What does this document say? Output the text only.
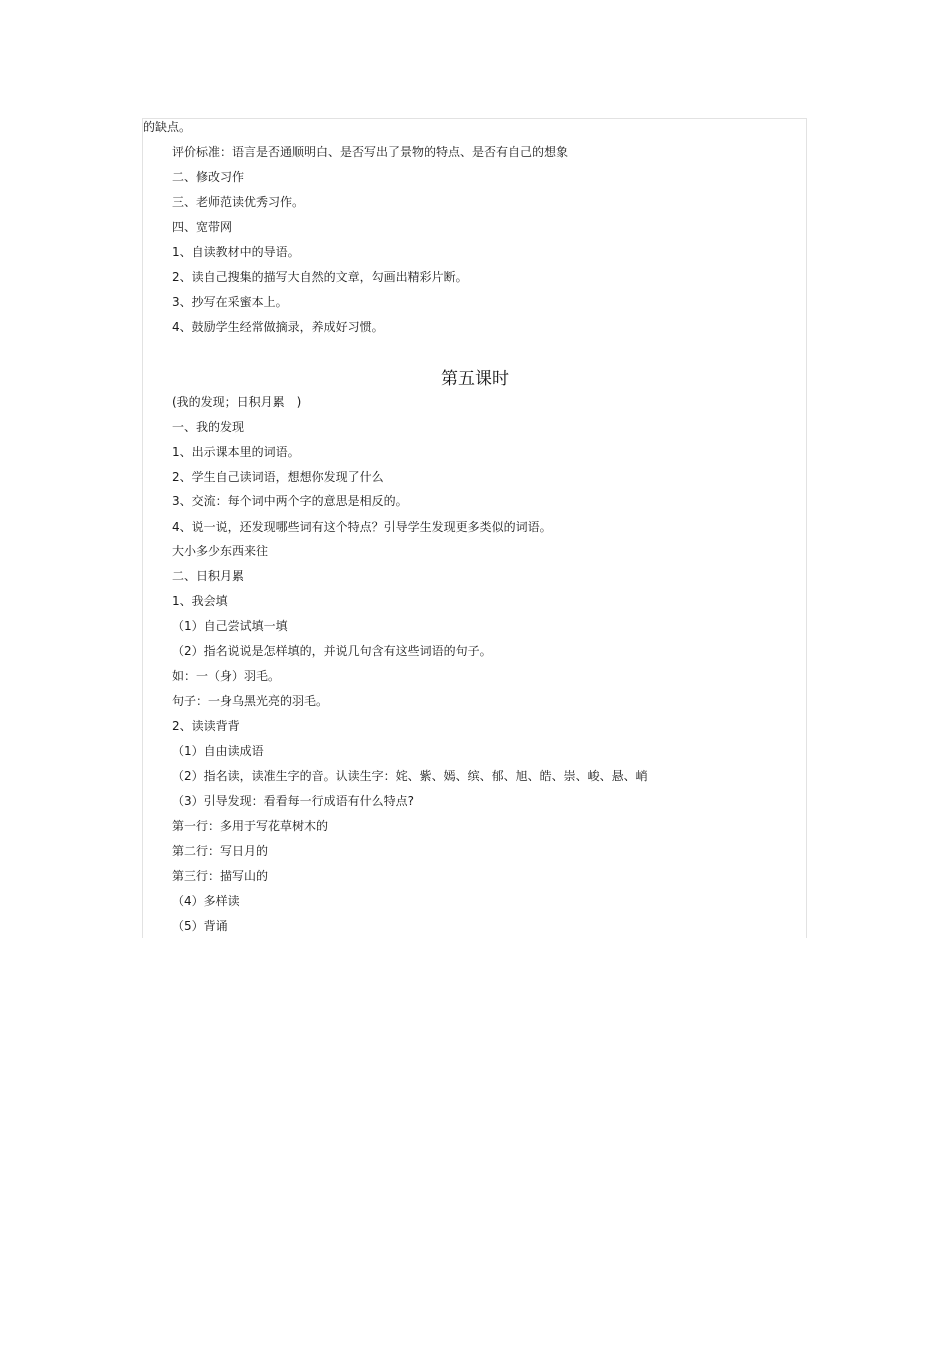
的缺点。
评价标准：语言是否通顺明白、是否写出了景物的特点、是否有自己的想象
二、修改习作
三、老师范读优秀习作。
四、宽带网
1、自读教材中的导语。
2、读自己搜集的描写大自然的文章，勾画出精彩片断。
3、抄写在采蜜本上。
4、鼓励学生经常做摘录，养成好习惯。
第五课时
(我的发现；日积月累　)
一、我的发现
1、出示课本里的词语。
2、学生自己读词语，想想你发现了什么
3、交流：每个词中两个字的意思是相反的。
4、说一说，还发现哪些词有这个特点？引导学生发现更多类似的词语。
大小多少东西来往
二、日积月累
1、我会填
（1）自己尝试填一填
（2）指名说说是怎样填的，并说几句含有这些词语的句子。
如：一（身）羽毛。
句子：一身乌黑光亮的羽毛。
2、读读背背
（1）自由读成语
（2）指名读，读准生字的音。认读生字：姹、紫、嫣、缤、郁、旭、皓、崇、峻、悬、峭
（3）引导发现：看看每一行成语有什么特点?
第一行：多用于写花草树木的
第二行：写日月的
第三行：描写山的
（4）多样读
（5）背诵
